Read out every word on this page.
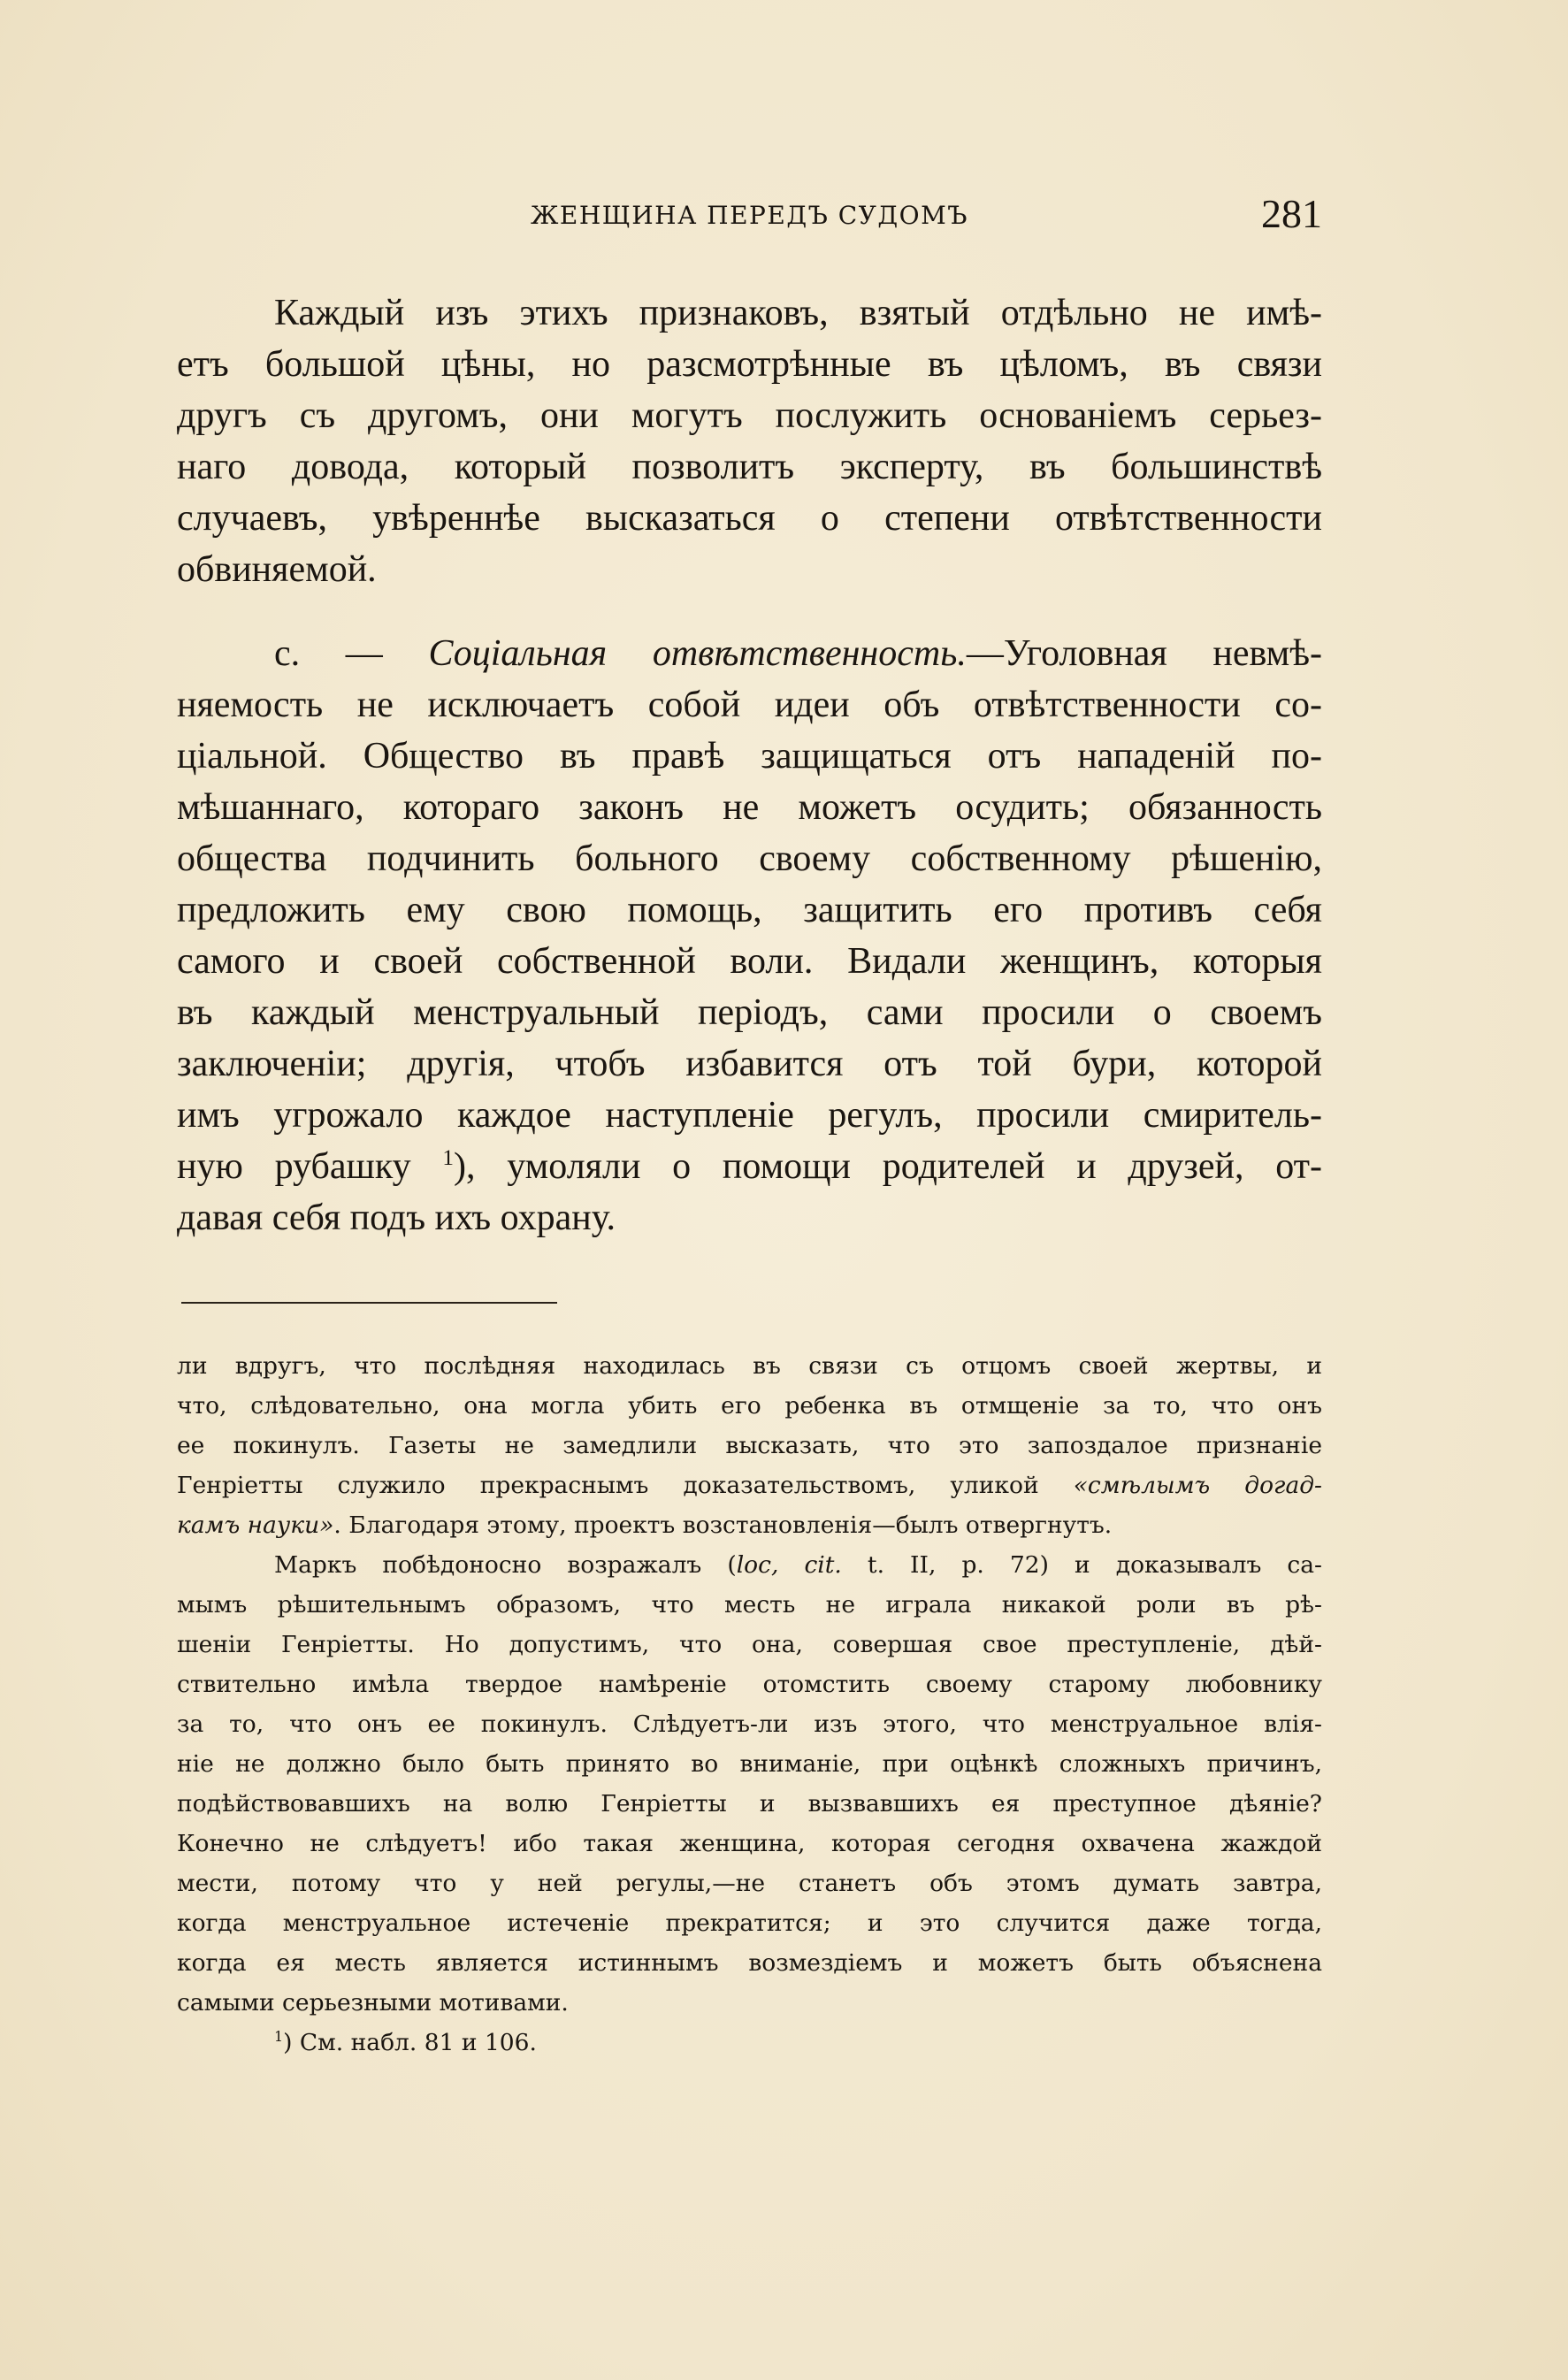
ЖЕНЩИНА ПЕРЕДЪ СУДОМЪ	281
Каждый изъ этихъ признаковъ, взятый отдѣльно не имѣ-
етъ большой цѣны, но разсмотрѣнные въ цѣломъ, въ связи
другъ съ другомъ, они могутъ послужить основаніемъ серьез-
наго довода, который позволитъ эксперту, въ большинствѣ
случаевъ, увѣреннѣе высказаться о степени отвѣтственности
обвиняемой.
с. — Соціальная отвѣтственность.—Уголовная невмѣ-
няемость не исключаетъ собой идеи объ отвѣтственности со-
ціальной. Общество въ правѣ защищаться отъ нападеній по-
мѣшаннаго, котораго законъ не можетъ осудить; обязанность
общества подчинить больного своему собственному рѣшенію,
предложить ему свою помощь, защитить его противъ себя
самого и своей собственной воли. Видали женщинъ, которыя
въ каждый менструальный періодъ, сами просили о своемъ
заключеніи; другія, чтобъ избавится отъ той бури, которой
имъ угрожало каждое наступленіе регулъ, просили смиритель-
ную рубашку $^1$), умоляли о помощи родителей и друзей, от-
давая себя подъ ихъ охрану.
ли вдругъ, что послѣдняя находилась въ связи съ отцомъ своей жертвы, и
что, слѣдовательно, она могла убить его ребенка въ отмщеніе за то, что онъ
ее покинулъ. Газеты не замедлили высказать, что это запоздалое признаніе
Генріетты служило прекраснымъ доказательствомъ, уликой «смѣлымъ догад-
камъ науки». Благодаря этому, проектъ возстановленія—былъ отвергнутъ.
Маркъ побѣдоносно возражалъ (loc, cit. t. II, p. 72) и доказывалъ са-
мымъ рѣшительнымъ образомъ, что месть не играла никакой роли въ рѣ-
шеніи Генріетты. Но допустимъ, что она, совершая свое преступленіе, дѣй-
ствительно имѣла твердое намѣреніе отомстить своему старому любовнику
за то, что онъ ее покинулъ. Слѣдуетъ-ли изъ этого, что менструальное влія-
ніе не должно было быть принято во вниманіе, при оцѣнкѣ сложныхъ причинъ,
подѣйствовавшихъ на волю Генріетты и вызвавшихъ ея преступное дѣяніе?
Конечно не слѣдуетъ! ибо такая женщина, которая сегодня охвачена жаждой
мести, потому что у ней регулы,—не станетъ объ этомъ думать завтра,
когда менструальное истеченіе прекратится; и это случится даже тогда,
когда ея месть является истиннымъ возмездіемъ и можетъ быть объяснена
самыми серьезными мотивами.
$^1$) См. набл. 81 и 106.
